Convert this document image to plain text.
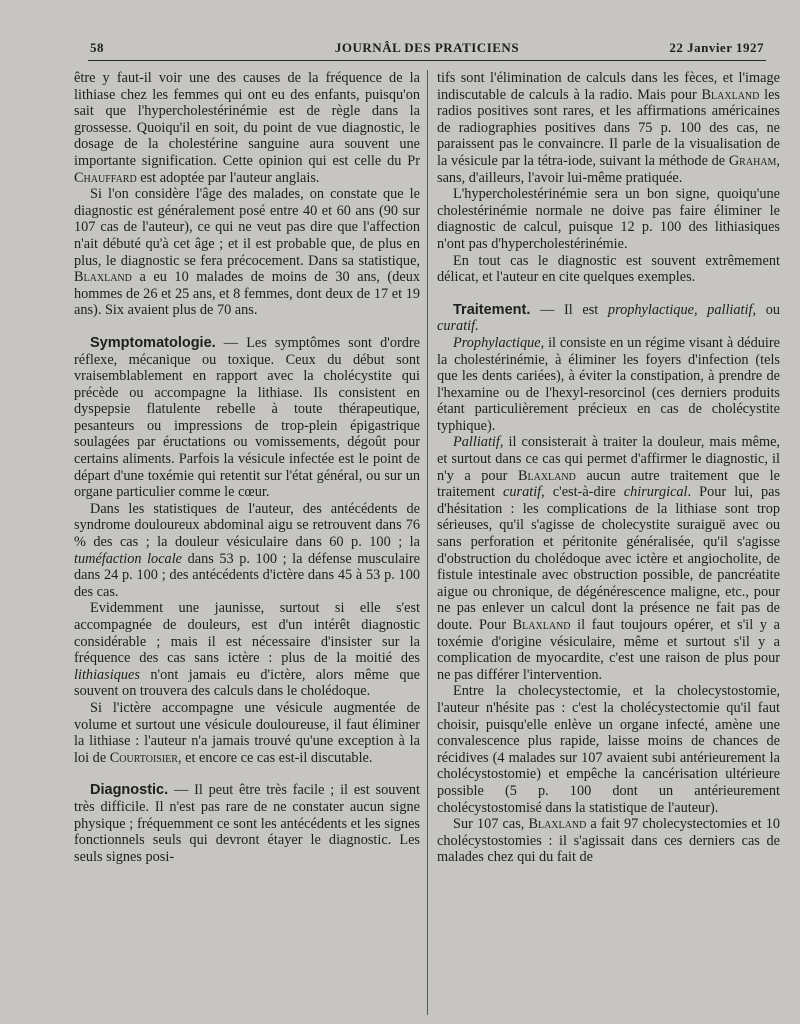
58	JOURNÂL DES PRATICIENS	22 Janvier 1927

être y faut-il voir une des causes de la fréquence de la lithiase chez les femmes qui ont eu des enfants, puisqu'on sait que l'hypercholestérinémie est de règle dans la grossesse. Quoiqu'il en soit, du point de vue diagnostic, le dosage de la cholestérine sanguine aura souvent une importante signification. Cette opinion qui est celle du Pr Chauffard est adoptée par l'auteur anglais.

Si l'on considère l'âge des malades, on constate que le diagnostic est généralement posé entre 40 et 60 ans (90 sur 107 cas de l'auteur), ce qui ne veut pas dire que l'affection n'ait débuté qu'à cet âge ; et il est probable que, de plus en plus, le diagnostic se fera précocement. Dans sa statistique, Blaxland a eu 10 malades de moins de 30 ans, (deux hommes de 26 et 25 ans, et 8 femmes, dont deux de 17 et 19 ans). Six avaient plus de 70 ans.

Symptomatologie. — Les symptômes sont d'ordre réflexe, mécanique ou toxique. Ceux du début sont vraisemblablement en rapport avec la cholécystite qui précède ou accompagne la lithiase. Ils consistent en dyspepsie flatulente rebelle à toute thérapeutique, pesanteurs ou impressions de trop-plein épigastrique soulagées par éructations ou vomissements, dégoût pour certains aliments. Parfois la vésicule infectée est le point de départ d'une toxémie qui retentit sur l'état général, ou sur un organe particulier comme le cœur.

Dans les statistiques de l'auteur, des antécédents de syndrome douloureux abdominal aigu se retrouvent dans 76 % des cas ; la douleur vésiculaire dans 60 p. 100 ; la tuméfaction locale dans 53 p. 100 ; la défense musculaire dans 24 p. 100 ; des antécédents d'ictère dans 45 à 53 p. 100 des cas.

Evidemment une jaunisse, surtout si elle s'est accompagnée de douleurs, est d'un intérêt diagnostic considérable ; mais il est nécessaire d'insister sur la fréquence des cas sans ictère : plus de la moitié des lithiasiques n'ont jamais eu d'ictère, alors même que souvent on trouvera des calculs dans le cholédoque.

Si l'ictère accompagne une vésicule augmentée de volume et surtout une vésicule douloureuse, il faut éliminer la lithiase : l'auteur n'a jamais trouvé qu'une exception à la loi de Courtoisier, et encore ce cas est-il discutable.

Diagnostic. — Il peut être très facile ; il est souvent très difficile. Il n'est pas rare de ne constater aucun signe physique ; fréquemment ce sont les antécédents et les signes fonctionnels seuls qui devront étayer le diagnostic. Les seuls signes posi-

tifs sont l'élimination de calculs dans les fèces, et l'image indiscutable de calculs à la radio. Mais pour Blaxland les radios positives sont rares, et les affirmations américaines de radiographies positives dans 75 p. 100 des cas, ne paraissent pas le convaincre. Il parle de la visualisation de la vésicule par la tétra-iode, suivant la méthode de Graham, sans, d'ailleurs, l'avoir lui-même pratiquée.

L'hypercholestérinémie sera un bon signe, quoiqu'une cholestérinémie normale ne doive pas faire éliminer le diagnostic de calcul, puisque 12 p. 100 des lithiasiques n'ont pas d'hypercholestérinémie.

En tout cas le diagnostic est souvent extrêmement délicat, et l'auteur en cite quelques exemples.

Traitement. — Il est prophylactique, palliatif, ou curatif.

Prophylactique, il consiste en un régime visant à déduire la cholestérinémie, à éliminer les foyers d'infection (tels que les dents cariées), à éviter la constipation, à prendre de l'hexamine ou de l'hexyl-resorcinol (ces derniers produits étant particulièrement précieux en cas de cholécystite typhique).

Palliatif, il consisterait à traiter la douleur, mais même, et surtout dans ce cas qui permet d'affirmer le diagnostic, il n'y a pour Blaxland aucun autre traitement que le traitement curatif, c'est-à-dire chirurgical. Pour lui, pas d'hésitation : les complications de la lithiase sont trop sérieuses, qu'il s'agisse de cholecystite suraiguë avec ou sans perforation et péritonite généralisée, qu'il s'agisse d'obstruction du cholédoque avec ictère et angiocholite, de fistule intestinale avec obstruction possible, de pancréatite aigue ou chronique, de dégénérescence maligne, etc., pour ne pas enlever un calcul dont la présence ne fait pas de doute. Pour Blaxland il faut toujours opérer, et s'il y a toxémie d'origine vésiculaire, même et surtout s'il y a complication de myocardite, c'est une raison de plus pour ne pas différer l'intervention.

Entre la cholecystectomie, et la cholecystostomie, l'auteur n'hésite pas : c'est la cholécystectomie qu'il faut choisir, puisqu'elle enlève un organe infecté, amène une convalescence plus rapide, laisse moins de chances de récidives (4 malades sur 107 avaient subi antérieurement la cholécystostomie) et empêche la cancérisation ultérieure possible (5 p. 100 dont un antérieurement cholécystostomisé dans la statistique de l'auteur).

Sur 107 cas, Blaxland a fait 97 cholecystectomies et 10 cholécystostomies : il s'agissait dans ces derniers cas de malades chez qui du fait de
